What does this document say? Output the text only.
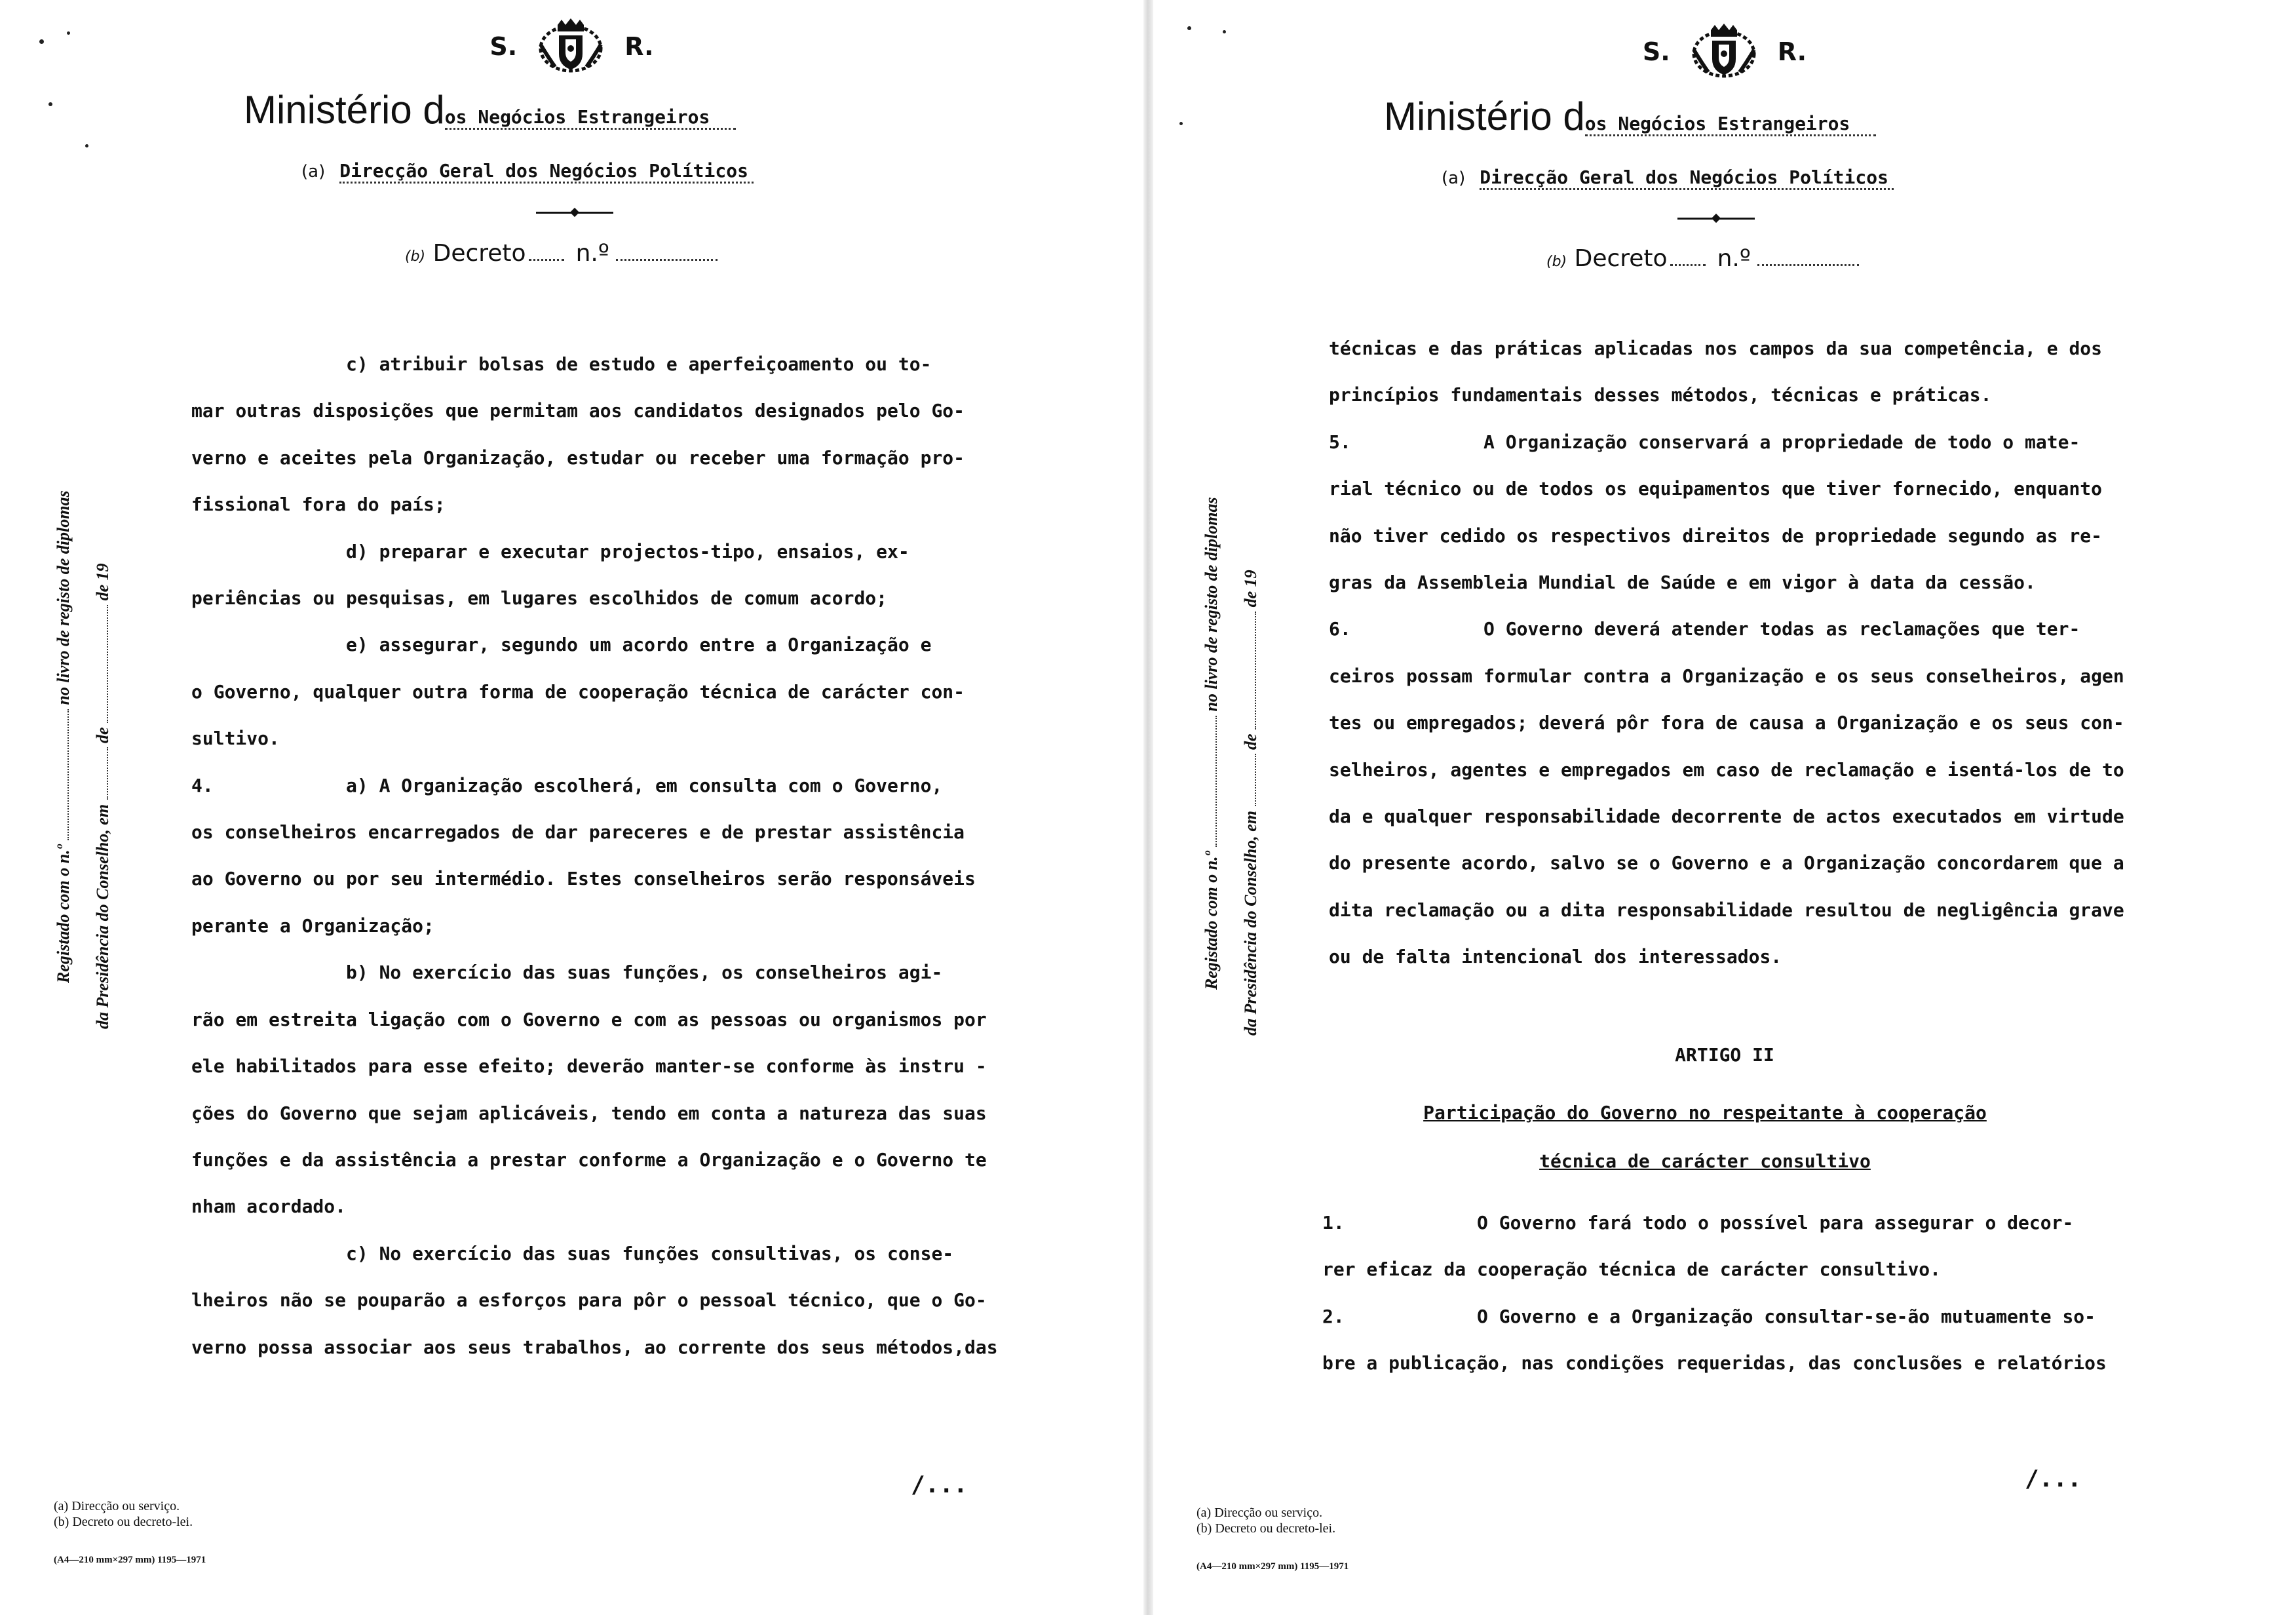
S.	R.
Ministério dos Negócios Estrangeiros
(a) Direcção Geral dos Negócios Políticos
(b) Decreto n.º
Registado com o n.º  no livro de registo de diplomas
da Presidência do Conselho, em  de  de 19
c) atribuir bolsas de estudo e aperfeiçoamento ou to-
mar outras disposições que permitam aos candidatos designados pelo Go-
verno e aceites pela Organização, estudar ou receber uma formação pro-
fissional fora do país;
d) preparar e executar projectos-tipo, ensaios, ex-
periências ou pesquisas, em lugares escolhidos de comum acordo;
e) assegurar, segundo um acordo entre a Organização e
o Governo, qualquer outra forma de cooperação técnica de carácter con-
sultivo.
4.            a) A Organização escolherá, em consulta com o Governo,
os conselheiros encarregados de dar pareceres e de prestar assistência
ao Governo ou por seu intermédio. Estes conselheiros serão responsáveis
perante a Organização;
b) No exercício das suas funções, os conselheiros agi-
rão em estreita ligação com o Governo e com as pessoas ou organismos por
ele habilitados para esse efeito; deverão manter-se conforme às instru -
ções do Governo que sejam aplicáveis, tendo em conta a natureza das suas
funções e da assistência a prestar conforme a Organização e o Governo te
nham acordado.
c) No exercício das suas funções consultivas, os conse-
lheiros não se pouparão a esforços para pôr o pessoal técnico, que o Go-
verno possa associar aos seus trabalhos, ao corrente dos seus métodos,das
/...
(a) Direcção ou serviço.
(b) Decreto ou decreto-lei.
(A4—210 mm×297 mm) 1195—1971
S.	R.
Ministério dos Negócios Estrangeiros
(a) Direcção Geral dos Negócios Políticos
(b) Decreto n.º
Registado com o n.º  no livro de registo de diplomas
da Presidência do Conselho, em  de  de 19
técnicas e das práticas aplicadas nos campos da sua competência, e dos
princípios fundamentais desses métodos, técnicas e práticas.
5.            A Organização conservará a propriedade de todo o mate-
rial técnico ou de todos os equipamentos que tiver fornecido, enquanto
não tiver cedido os respectivos direitos de propriedade segundo as re-
gras da Assembleia Mundial de Saúde e em vigor à data da cessão.
6.            O Governo deverá atender todas as reclamações que ter-
ceiros possam formular contra a Organização e os seus conselheiros, agen
tes ou empregados; deverá pôr fora de causa a Organização e os seus con-
selheiros, agentes e empregados em caso de reclamação e isentá-los de to
da e qualquer responsabilidade decorrente de actos executados em virtude
do presente acordo, salvo se o Governo e a Organização concordarem que a
dita reclamação ou a dita responsabilidade resultou de negligência grave
ou de falta intencional dos interessados.
ARTIGO II
Participação do Governo no respeitante à cooperação
técnica de carácter consultivo
1.            O Governo fará todo o possível para assegurar o decor-
rer eficaz da cooperação técnica de carácter consultivo.
2.            O Governo e a Organização consultar-se-ão mutuamente so-
bre a publicação, nas condições requeridas, das conclusões e relatórios
/...
(a) Direcção ou serviço.
(b) Decreto ou decreto-lei.
(A4—210 mm×297 mm) 1195—1971
